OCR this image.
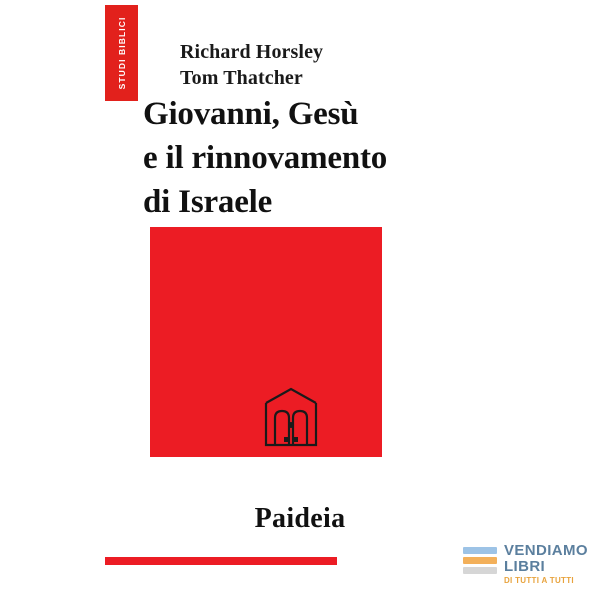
STUDI BIBLICI	Richard Horsley
Tom Thatcher
Giovanni, Gesù
e il rinnovamento
di Israele
Paideia
VENDIAMO
LIBRI
DI TUTTI A TUTTI
